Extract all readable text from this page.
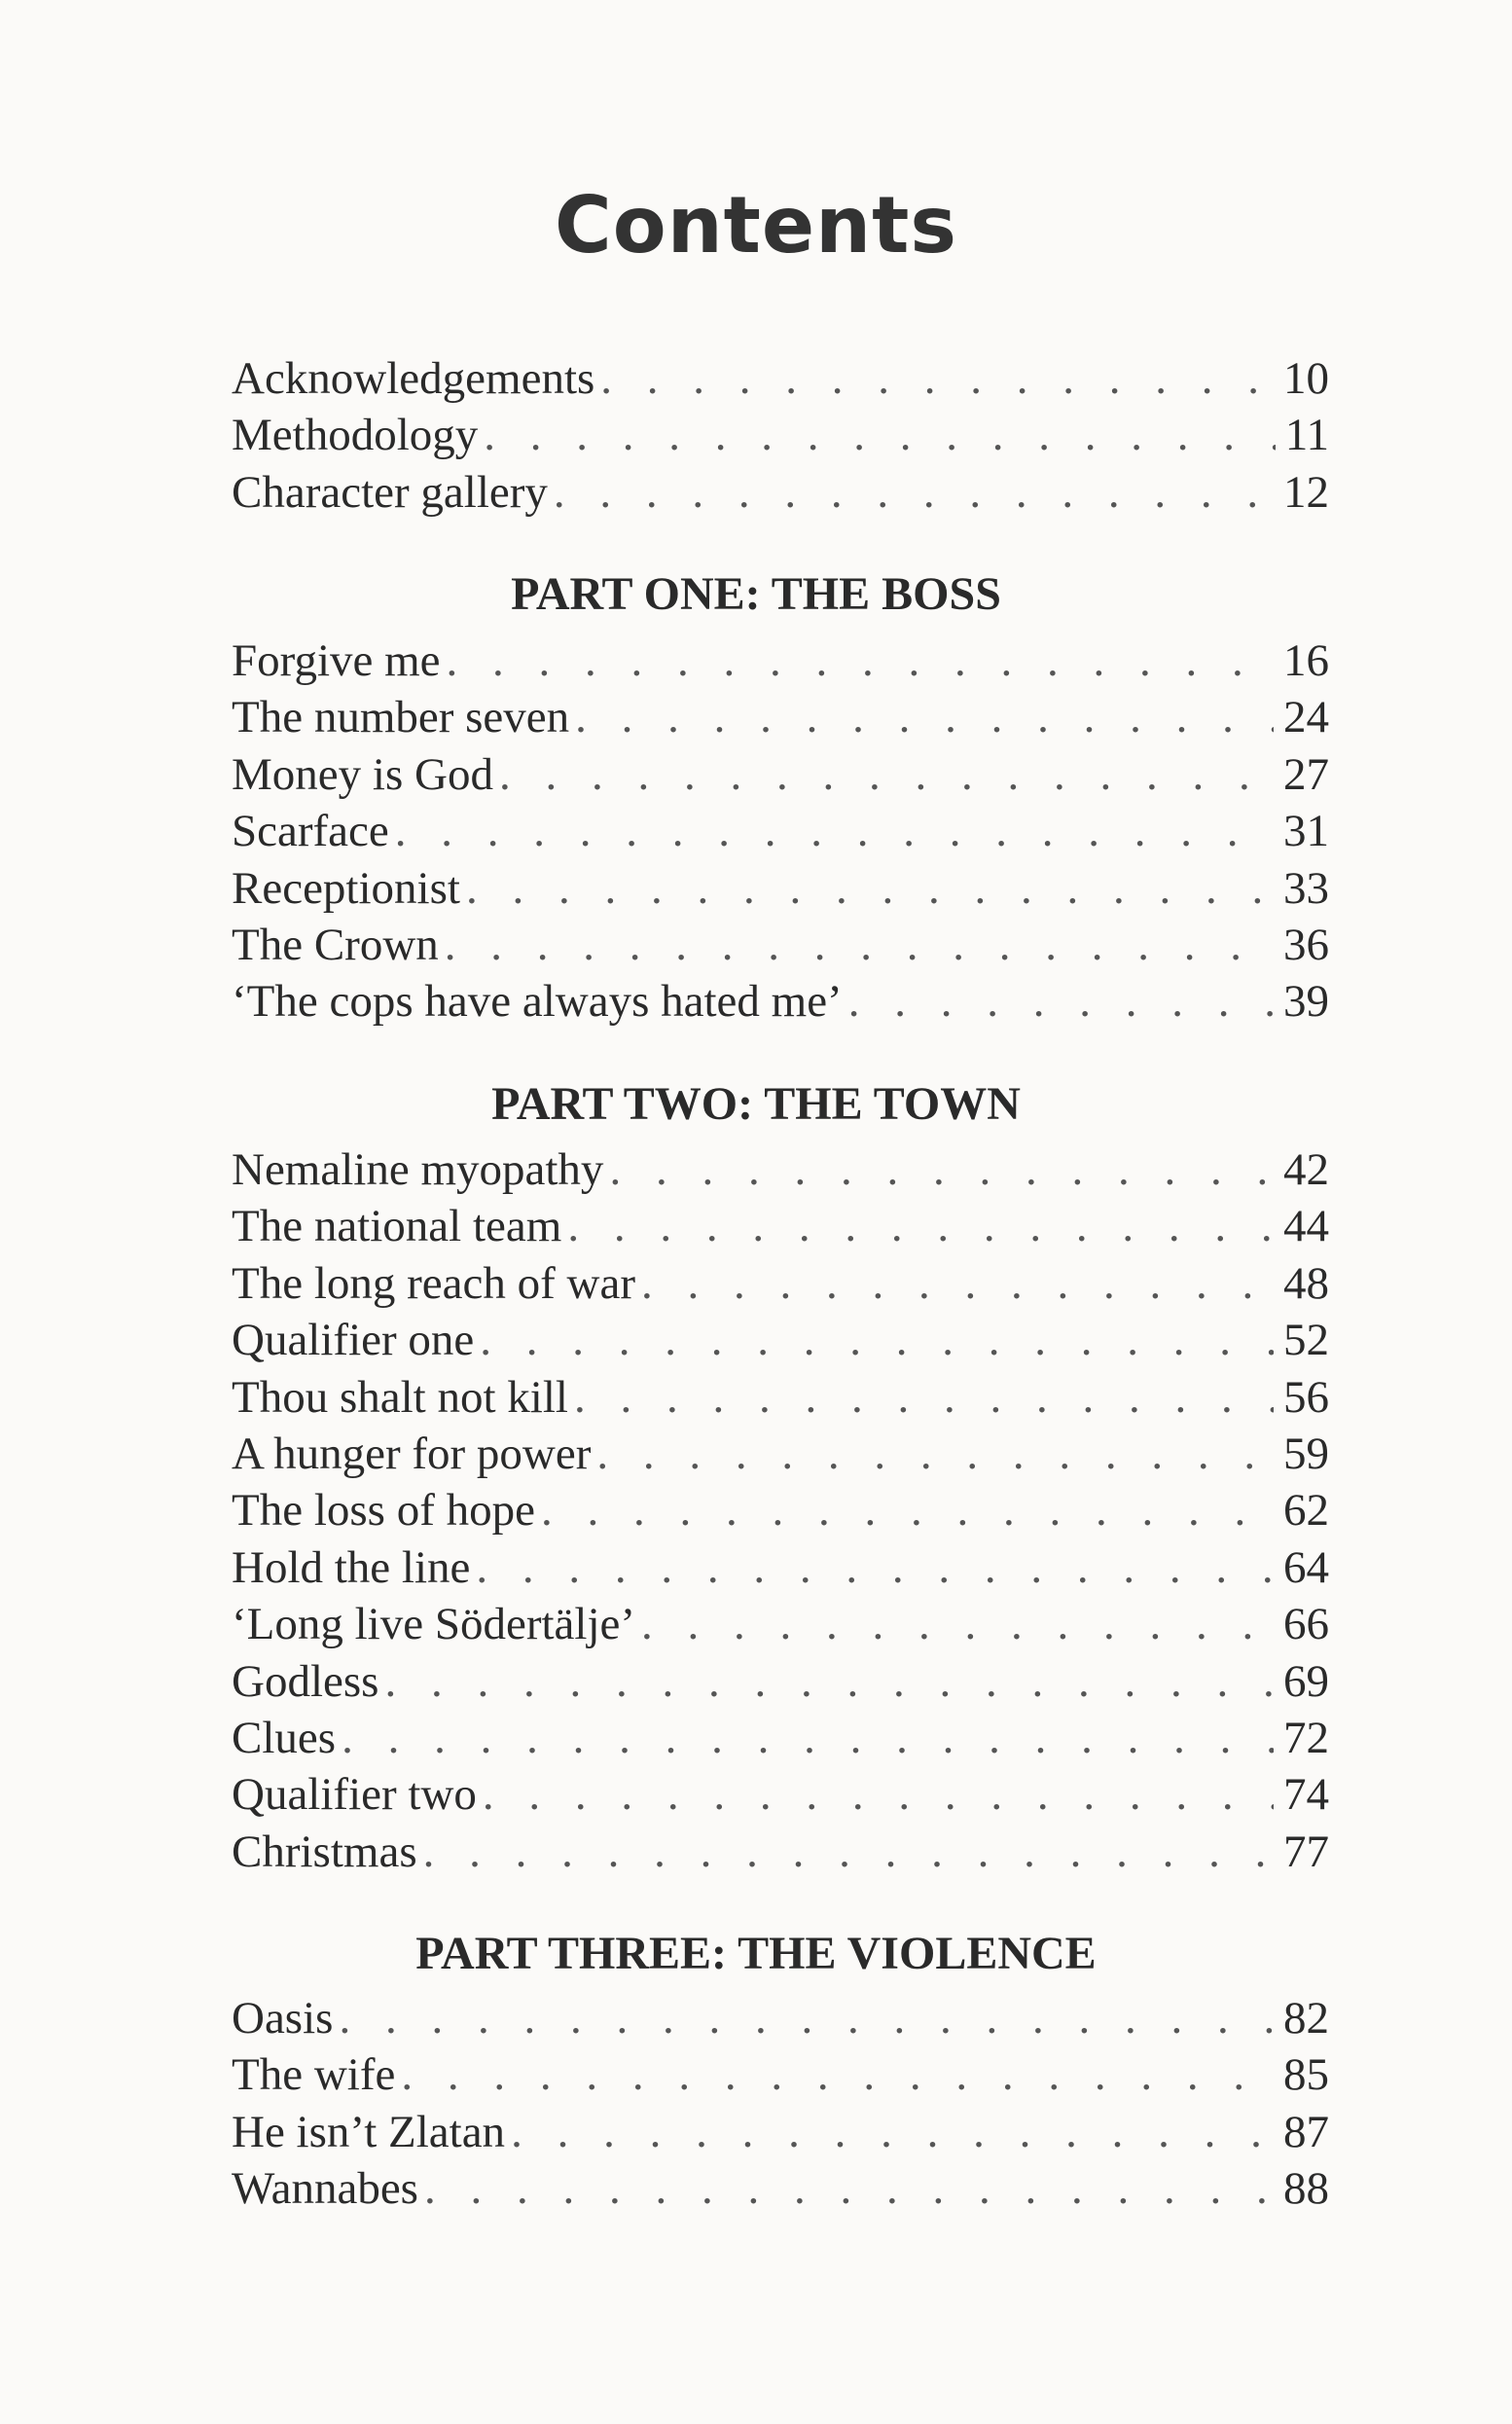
Contents
Acknowledgements . . .	10
Methodology . . .	11
Character gallery . . .	12
PART ONE: THE BOSS
Forgive me . . .	16
The number seven . . .	24
Money is God . . .	27
Scarface . . .	31
Receptionist . . .	33
The Crown . . .	36
‘The cops have always hated me’ . . .	39
PART TWO: THE TOWN
Nemaline myopathy . . .	42
The national team . . .	44
The long reach of war . . .	48
Qualifier one . . .	52
Thou shalt not kill . . .	56
A hunger for power . . .	59
The loss of hope . . .	62
Hold the line . . .	64
‘Long live Södertälje’ . . .	66
Godless . . .	69
Clues . . .	72
Qualifier two . . .	74
Christmas . . .	77
PART THREE: THE VIOLENCE
Oasis . . .	82
The wife . . .	85
He isn’t Zlatan . . .	87
Wannabes . . .	88
